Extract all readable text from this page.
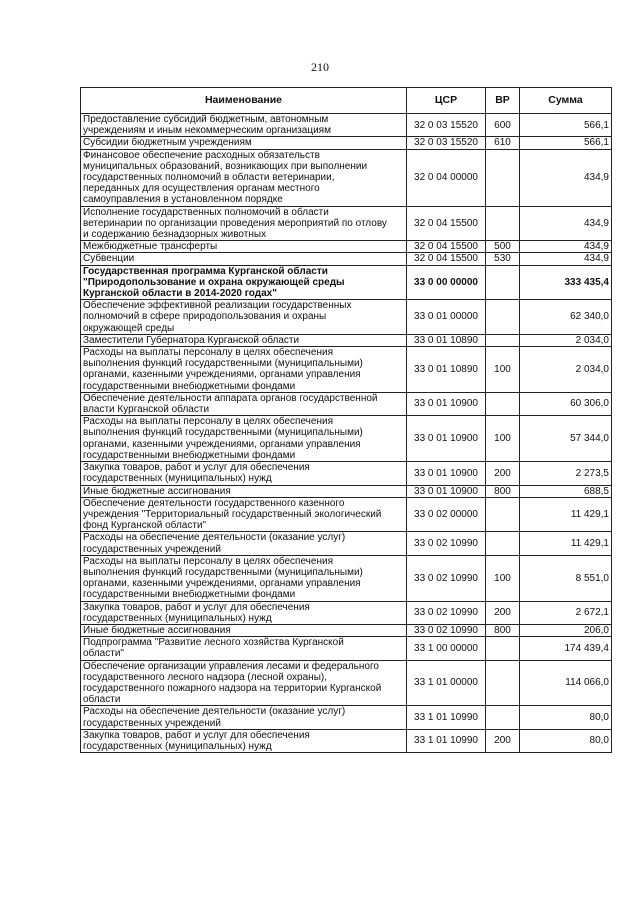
210
Наименование	ЦСР	ВР	Сумма

Предоставление субсидий бюджетным, автономным
учреждениям и иным некоммерческим организациям	32 0 03 15520	600	566,1

Субсидии бюджетным учреждениям	32 0 03 15520	610	566,1

Финансовое обеспечение расходных обязательств
муниципальных образований, возникающих при выполнении
государственных полномочий в области ветеринарии,
переданных для осуществления органам местного
самоуправления в установленном порядке	32 0 04 00000		434,9

Исполнение государственных полномочий в области
ветеринарии по организации проведения мероприятий по отлову
и содержанию безнадзорных животных	32 0 04 15500		434,9

Межбюджетные трансферты	32 0 04 15500	500	434,9

Субвенции	32 0 04 15500	530	434,9

Государственная программа Курганской области
"Природопользование и охрана окружающей среды
Курганской области в 2014-2020 годах"	33 0 00 00000		333 435,4

Обеспечение эффективной реализации государственных
полномочий в сфере природопользования и охраны
окружающей среды	33 0 01 00000		62 340,0

Заместители Губернатора Курганской области	33 0 01 10890		2 034,0

Расходы на выплаты персоналу в целях обеспечения
выполнения функций государственными (муниципальными)
органами, казенными учреждениями, органами управления
государственными внебюджетными фондами	33 0 01 10890	100	2 034,0

Обеспечение деятельности аппарата органов государственной
власти Курганской области	33 0 01 10900		60 306,0

Расходы на выплаты персоналу в целях обеспечения
выполнения функций государственными (муниципальными)
органами, казенными учреждениями, органами управления
государственными внебюджетными фондами	33 0 01 10900	100	57 344,0

Закупка товаров, работ и услуг для обеспечения
государственных (муниципальных) нужд	33 0 01 10900	200	2 273,5

Иные бюджетные ассигнования	33 0 01 10900	800	688,5

Обеспечение деятельности государственного казенного
учреждения "Территориальный государственный экологический
фонд Курганской области"	33 0 02 00000		11 429,1

Расходы на обеспечение деятельности (оказание услуг)
государственных учреждений	33 0 02 10990		11 429,1

Расходы на выплаты персоналу в целях обеспечения
выполнения функций государственными (муниципальными)
органами, казенными учреждениями, органами управления
государственными внебюджетными фондами	33 0 02 10990	100	8 551,0

Закупка товаров, работ и услуг для обеспечения
государственных (муниципальных) нужд	33 0 02 10990	200	2 672,1

Иные бюджетные ассигнования	33 0 02 10990	800	206,0

Подпрограмма "Развитие лесного хозяйства Курганской
области"	33 1 00 00000		174 439,4

Обеспечение организации управления лесами и федерального
государственного лесного надзора (лесной охраны),
государственного пожарного надзора на территории Курганской
области	33 1 01 00000		114 066,0

Расходы на обеспечение деятельности (оказание услуг)
государственных учреждений	33 1 01 10990		80,0

Закупка товаров, работ и услуг для обеспечения
государственных (муниципальных) нужд	33 1 01 10990	200	80,0
